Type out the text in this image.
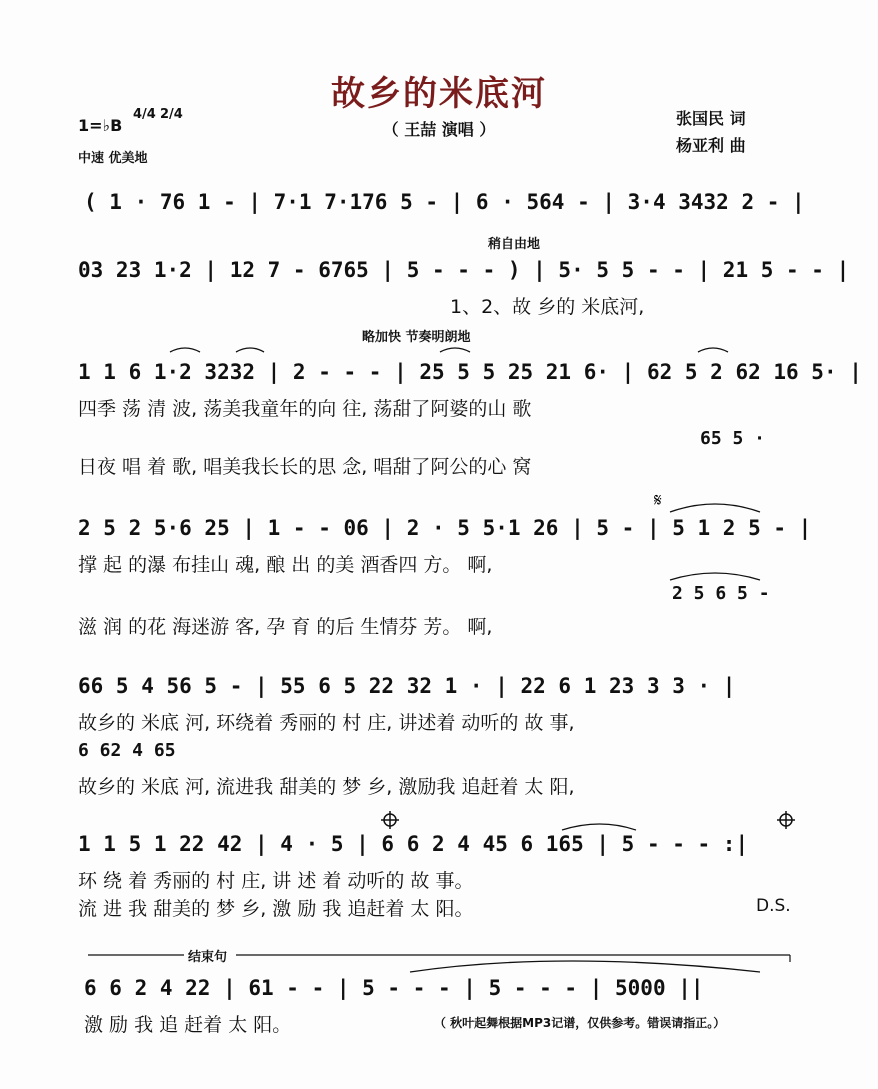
故乡的米底河
（ 王喆 演唱 ）
1=♭B
4/4 2/4
中速 优美地
张国民 词
杨亚利 曲
( 1 · 76 1 - | 7·1 7·176 5 - | 6 · 564 - | 3·4 3432 2 - |
稍自由地
03 23 1·2 | 12 7 - 6765 | 5 - - - ) | 5· 5 5 - - | 21 5 - - |
1、2、故 乡的 米底河,
略加快 节奏明朗地
1 1 6 1·2 3232 | 2 - - - | 25 5 5 25 21 6· | 62 5 2 62 16 5· |
四季 荡 清 波, 荡美我童年的向 往, 荡甜了阿婆的山 歌
65 5 ·
日夜 唱 着 歌, 唱美我长长的思 念, 唱甜了阿公的心 窝
2 5 2 5·6 25 | 1 - - 06 | 2 · 5 5·1 26 | 5 - | 5 1 2 5 - |
撑 起 的瀑 布挂山 魂, 酿 出 的美 酒香四 方。 啊,
2 5 6 5 -
滋 润 的花 海迷游 客, 孕 育 的后 生情芬 芳。 啊,
66 5 4 56 5 - | 55 6 5 22 32 1 · | 22 6 1 23 3 3 · |
故乡的 米底 河, 环绕着 秀丽的 村 庄, 讲述着 动听的 故 事,
6 62 4 65
故乡的 米底 河, 流进我 甜美的 梦 乡, 激励我 追赶着 太 阳,
1 1 5 1 22 42 | 4 · 5 | 6 6 2 4 45 6 165 | 5 - - - :|
环 绕 着 秀丽的 村 庄, 讲 述 着 动听的 故 事。
流 进 我 甜美的 梦 乡, 激 励 我 追赶着 太 阳。	D.S.
结束句
6 6 2 4 22 | 61 - - | 5 - - - | 5 - - - | 5000 ||
激 励 我 追 赶着 太 阳。	（ 秋叶起舞根据MP3记谱，仅供参考。错误请指正。）
𝄋
